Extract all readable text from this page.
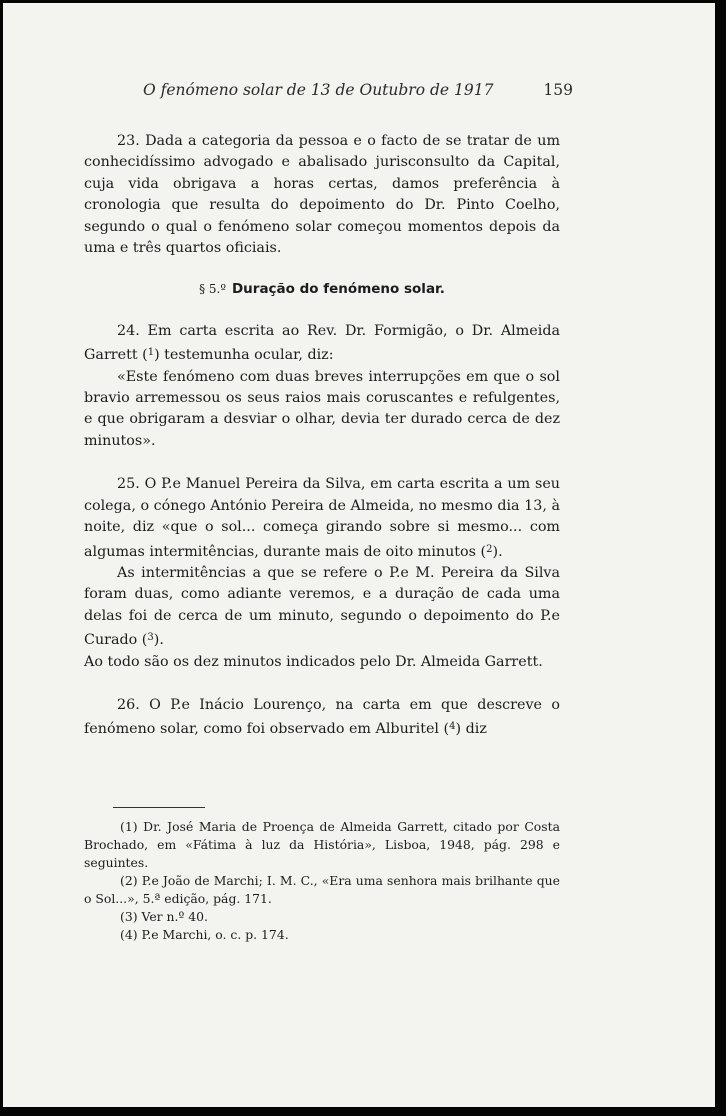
O fenómeno solar de 13 de Outubro de 1917	159

23. Dada a categoria da pessoa e o facto de se tratar de um conhecidíssimo advogado e abalisado jurisconsulto da Capital, cuja vida obrigava a horas certas, damos preferência à cronologia que resulta do depoimento do Dr. Pinto Coelho, segundo o qual o fenómeno solar começou momentos depois da uma e três quartos oficiais.

§ 5.º Duração do fenómeno solar.

24. Em carta escrita ao Rev. Dr. Formigão, o Dr. Almeida Garrett ($^1$) testemunha ocular, diz:

«Este fenómeno com duas breves interrupções em que o sol bravio arremessou os seus raios mais coruscantes e refulgentes, e que obrigaram a desviar o olhar, devia ter durado cerca de dez minutos».

25. O P.e Manuel Pereira da Silva, em carta escrita a um seu colega, o cónego António Pereira de Almeida, no mesmo dia 13, à noite, diz «que o sol... começa girando sobre si mesmo... com algumas intermitências, durante mais de oito minutos ($^2$).

As intermitências a que se refere o P.e M. Pereira da Silva foram duas, como adiante veremos, e a duração de cada uma delas foi de cerca de um minuto, segundo o depoimento do P.e Curado ($^3$).

Ao todo são os dez minutos indicados pelo Dr. Almeida Garrett.

26. O P.e Inácio Lourenço, na carta em que descreve o fenómeno solar, como foi observado em Alburitel ($^4$) diz

(1) Dr. José Maria de Proença de Almeida Garrett, citado por Costa Brochado, em «Fátima à luz da História», Lisboa, 1948, pág. 298 e seguintes.

(2) P.e João de Marchi; I. M. C., «Era uma senhora mais brilhante que o Sol...», 5.ª edição, pág. 171.

(3) Ver n.º 40.

(4) P.e Marchi, o. c. p. 174.
